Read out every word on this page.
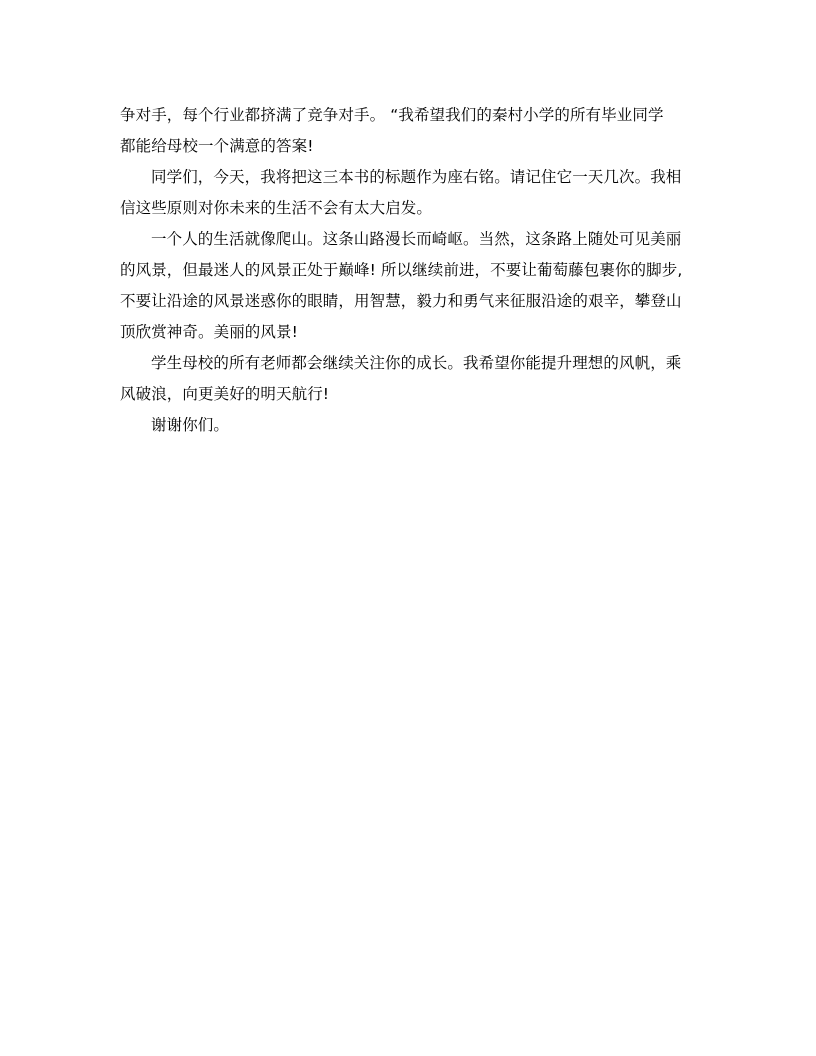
争对手，每个行业都挤满了竞争对手。 “我希望我们的秦村小学的所有毕业同学
都能给母校一个满意的答案!
同学们，今天，我将把这三本书的标题作为座右铭。请记住它一天几次。我相
信这些原则对你未来的生活不会有太大启发。
一个人的生活就像爬山。这条山路漫长而崎岖。当然，这条路上随处可见美丽
的风景，但最迷人的风景正处于巅峰! 所以继续前进，不要让葡萄藤包裹你的脚步,
不要让沿途的风景迷惑你的眼睛，用智慧，毅力和勇气来征服沿途的艰辛，攀登山
顶欣赏神奇。美丽的风景!
学生母校的所有老师都会继续关注你的成长。我希望你能提升理想的风帆，乘
风破浪，向更美好的明天航行!
谢谢你们。
